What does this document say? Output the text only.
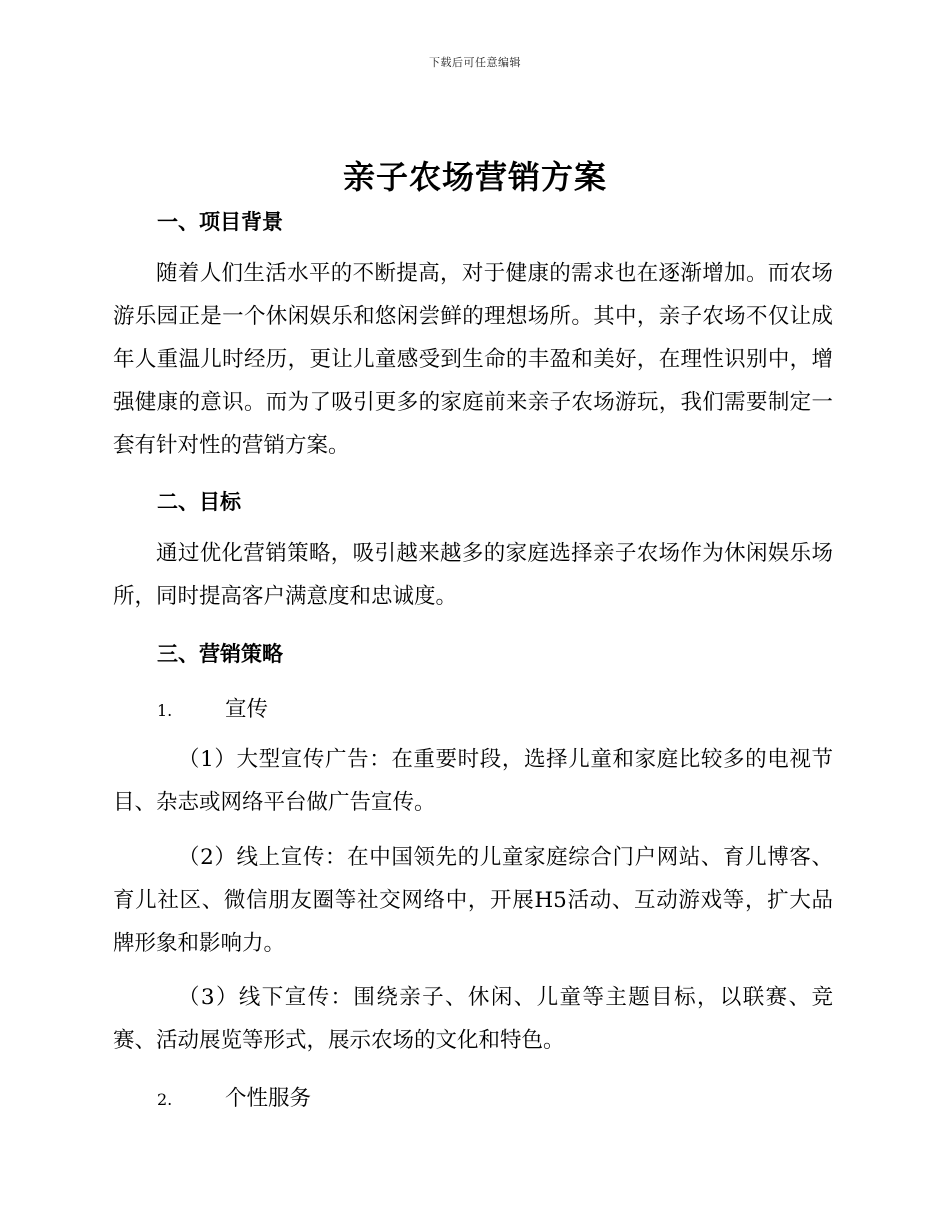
下载后可任意编辑
亲子农场营销方案
一、项目背景
随着人们生活水平的不断提高，对于健康的需求也在逐渐增加。而农场游乐园正是一个休闲娱乐和悠闲尝鲜的理想场所。其中，亲子农场不仅让成年人重温儿时经历，更让儿童感受到生命的丰盈和美好，在理性识别中，增强健康的意识。而为了吸引更多的家庭前来亲子农场游玩，我们需要制定一套有针对性的营销方案。
二、目标
通过优化营销策略，吸引越来越多的家庭选择亲子农场作为休闲娱乐场所，同时提高客户满意度和忠诚度。
三、营销策略
1. 宣传
（1）大型宣传广告：在重要时段，选择儿童和家庭比较多的电视节目、杂志或网络平台做广告宣传。
（2）线上宣传：在中国领先的儿童家庭综合门户网站、育儿博客、育儿社区、微信朋友圈等社交网络中，开展H5活动、互动游戏等，扩大品牌形象和影响力。
（3）线下宣传：围绕亲子、休闲、儿童等主题目标，以联赛、竞赛、活动展览等形式，展示农场的文化和特色。
2. 个性服务
